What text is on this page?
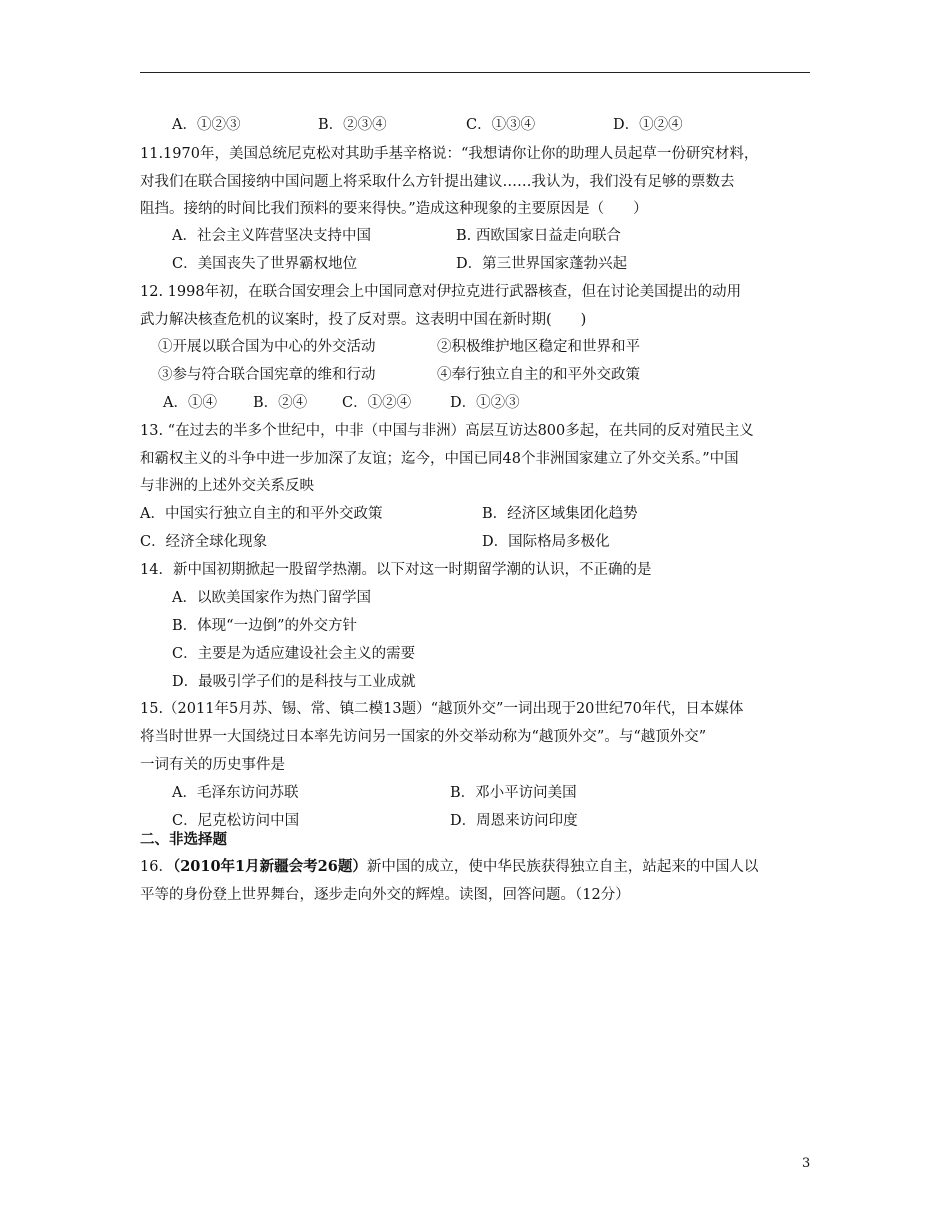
A．①②③	B．②③④	C．①③④	D．①②④
11.1970年，美国总统尼克松对其助手基辛格说：“我想请你让你的助理人员起草一份研究材料，
对我们在联合国接纳中国问题上将采取什么方针提出建议……我认为，我们没有足够的票数去
阻挡。接纳的时间比我们预料的要来得快。”造成这种现象的主要原因是（　　）
A．社会主义阵营坚决支持中国	B. 西欧国家日益走向联合
C．美国丧失了世界霸权地位	D．第三世界国家蓬勃兴起
12. 1998年初，在联合国安理会上中国同意对伊拉克进行武器核查，但在讨论美国提出的动用
武力解决核查危机的议案时，投了反对票。这表明中国在新时期(　　)
①开展以联合国为中心的外交活动	②积极维护地区稳定和世界和平
③参与符合联合国宪章的维和行动	④奉行独立自主的和平外交政策
A．①④ B．②④ C．①②④	D．①②③
13. “在过去的半多个世纪中，中非（中国与非洲）高层互访达800多起，在共同的反对殖民主义
和霸权主义的斗争中进一步加深了友谊；迄今，中国已同48个非洲国家建立了外交关系。”中国
与非洲的上述外交关系反映
A．中国实行独立自主的和平外交政策	B．经济区域集团化趋势
C．经济全球化现象	D．国际格局多极化
14．新中国初期掀起一股留学热潮。以下对这一时期留学潮的认识，不正确的是
A．以欧美国家作为热门留学国
B．体现“一边倒”的外交方针
C．主要是为适应建设社会主义的需要
D．最吸引学子们的是科技与工业成就
15.（2011年5月苏、锡、常、镇二模13题）“越顶外交”一词出现于20世纪70年代，日本媒体
将当时世界一大国绕过日本率先访问另一国家的外交举动称为“越顶外交”。与“越顶外交”
一词有关的历史事件是
A．毛泽东访问苏联	B．邓小平访问美国
C．尼克松访问中国	D．周恩来访问印度
二、非选择题
16．（2010年1月新疆会考26题）新中国的成立，使中华民族获得独立自主，站起来的中国人以
平等的身份登上世界舞台，逐步走向外交的辉煌。读图，回答问题。（12分）
3
